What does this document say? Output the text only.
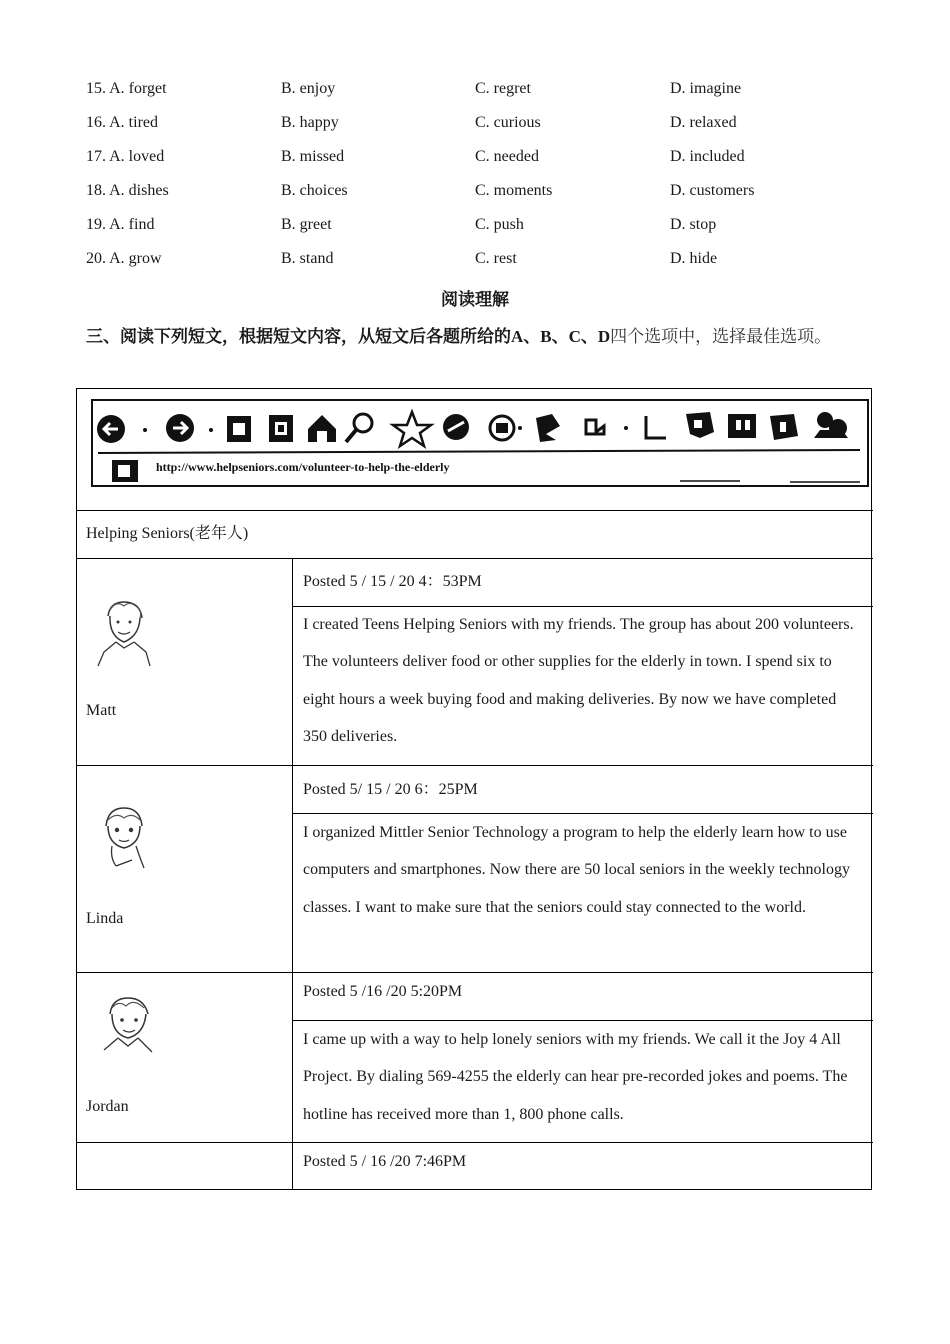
15. A. forget	B. enjoy	C. regret	D. imagine
16. A. tired	B. happy	C. curious	D. relaxed
17. A. loved	B. missed	C. needed	D. included
18. A. dishes	B. choices	C. moments	D. customers
19. A. find	B. greet	C. push	D. stop
20. A. grow	B. stand	C. rest	D. hide
阅读理解
三、阅读下列短文，根据短文内容，从短文后各题所给的A、B、C、D四个选项中，选择最佳选项。
http://www.helpseniors.com/volunteer-to-help-the-elderly
Helping Seniors(老年人)
Matt
Posted 5 / 15 / 20 4：53PM
I created Teens Helping Seniors with my friends. The group has about 200 volunteers. The volunteers deliver food or other supplies for the elderly in town. I spend six to eight hours a week buying food and making deliveries. By now we have completed 350 deliveries.
Linda
Posted 5/ 15 / 20 6：25PM
I organized Mittler Senior Technology a program to help the elderly learn how to use computers and smartphones. Now there are 50 local seniors in the weekly technology classes. I want to make sure that the seniors could stay connected to the world.
Jordan
Posted 5 /16 /20 5:20PM
I came up with a way to help lonely seniors with my friends. We call it the Joy 4 All Project. By dialing 569-4255 the elderly can hear pre-recorded jokes and poems. The hotline has received more than 1, 800 phone calls.
Posted 5 / 16 /20 7:46PM
